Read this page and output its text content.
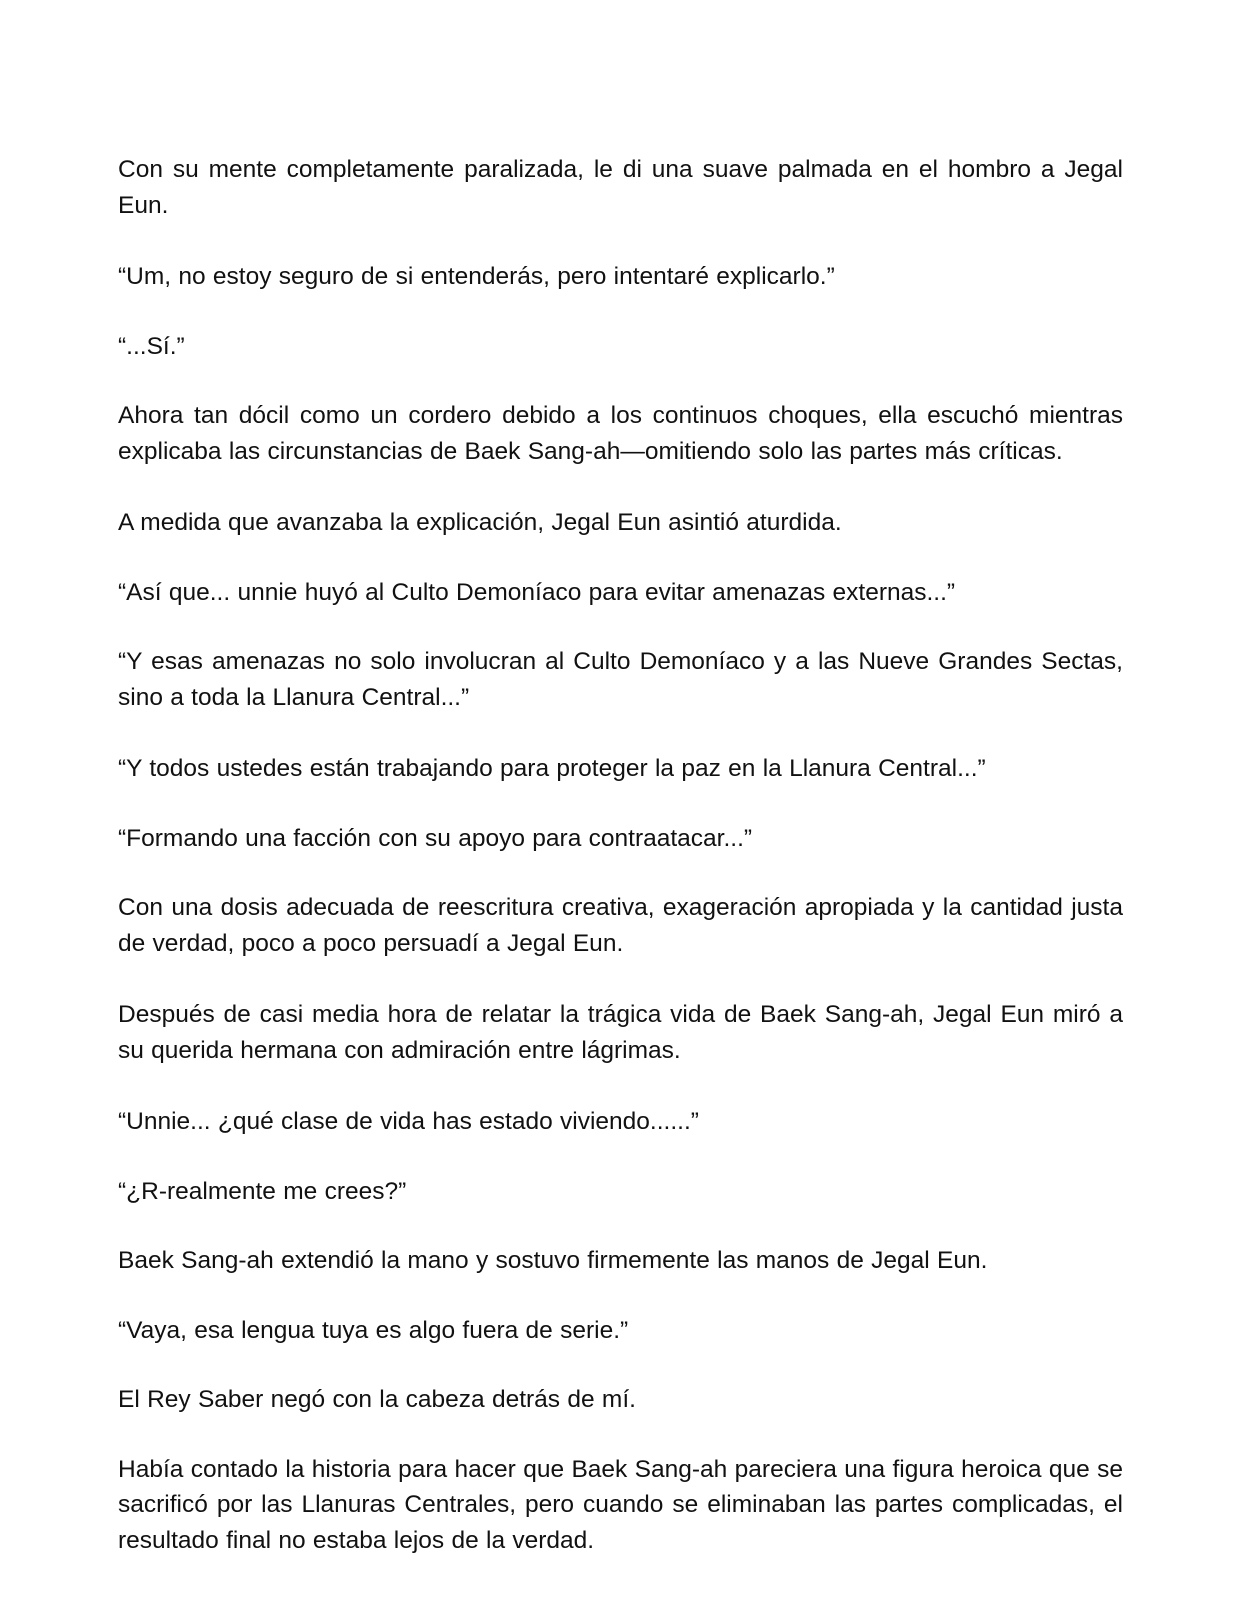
Con su mente completamente paralizada, le di una suave palmada en el hombro a Jegal Eun.

“Um, no estoy seguro de si entenderás, pero intentaré explicarlo.”

“...Sí.”

Ahora tan dócil como un cordero debido a los continuos choques, ella escuchó mientras explicaba las circunstancias de Baek Sang-ah—omitiendo solo las partes más críticas.

A medida que avanzaba la explicación, Jegal Eun asintió aturdida.

“Así que... unnie huyó al Culto Demoníaco para evitar amenazas externas...”

“Y esas amenazas no solo involucran al Culto Demoníaco y a las Nueve Grandes Sectas, sino a toda la Llanura Central...”

“Y todos ustedes están trabajando para proteger la paz en la Llanura Central...”

“Formando una facción con su apoyo para contraatacar...”

Con una dosis adecuada de reescritura creativa, exageración apropiada y la cantidad justa de verdad, poco a poco persuadí a Jegal Eun.

Después de casi media hora de relatar la trágica vida de Baek Sang-ah, Jegal Eun miró a su querida hermana con admiración entre lágrimas.

“Unnie... ¿qué clase de vida has estado viviendo......”

“¿R-realmente me crees?”

Baek Sang-ah extendió la mano y sostuvo firmemente las manos de Jegal Eun.

“Vaya, esa lengua tuya es algo fuera de serie.”

El Rey Saber negó con la cabeza detrás de mí.

Había contado la historia para hacer que Baek Sang-ah pareciera una figura heroica que se sacrificó por las Llanuras Centrales, pero cuando se eliminaban las partes complicadas, el resultado final no estaba lejos de la verdad.
